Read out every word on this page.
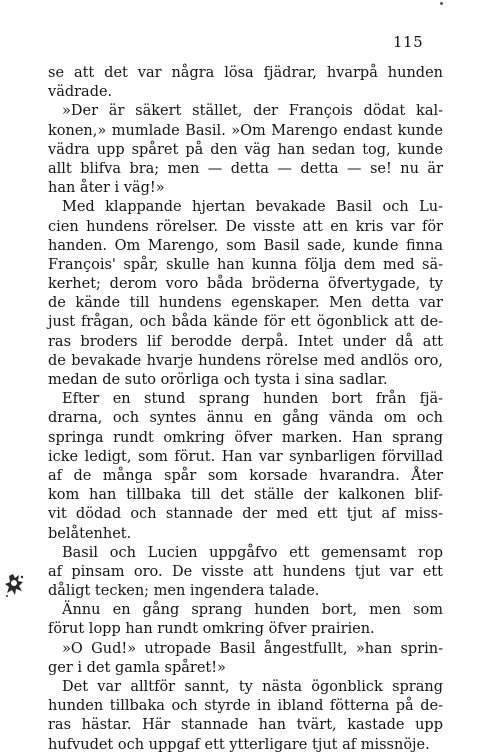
115
se att det var några lösa fjädrar, hvarpå hunden
vädrade.
»Der är säkert stället, der François dödat kal-
konen,» mumlade Basil. »Om Marengo endast kunde
vädra upp spåret på den väg han sedan tog, kunde
allt blifva bra; men — detta — detta — se! nu är
han åter i väg!»
Med klappande hjertan bevakade Basil och Lu-
cien hundens rörelser. De visste att en kris var för
handen. Om Marengo, som Basil sade, kunde finna
François' spår, skulle han kunna följa dem med sä-
kerhet; derom voro båda bröderna öfvertygade, ty
de kände till hundens egenskaper. Men detta var
just frågan, och båda kände för ett ögonblick att de-
ras broders lif berodde derpå. Intet under då att
de bevakade hvarje hundens rörelse med andlös oro,
medan de suto orörliga och tysta i sina sadlar.
Efter en stund sprang hunden bort från fjä-
drarna, och syntes ännu en gång vända om och
springa rundt omkring öfver marken. Han sprang
icke ledigt, som förut. Han var synbarligen förvillad
af de många spår som korsade hvarandra. Åter
kom han tillbaka till det ställe der kalkonen blif-
vit dödad och stannade der med ett tjut af miss-
belåtenhet.
Basil och Lucien uppgåfvo ett gemensamt rop
af pinsam oro. De visste att hundens tjut var ett
dåligt tecken; men ingendera talade.
Ännu en gång sprang hunden bort, men som
förut lopp han rundt omkring öfver prairien.
»O Gud!» utropade Basil ångestfullt, »han sprin-
ger i det gamla spåret!»
Det var alltför sannt, ty nästa ögonblick sprang
hunden tillbaka och styrde in ibland fötterna på de-
ras hästar. Här stannade han tvärt, kastade upp
hufvudet och uppgaf ett ytterligare tjut af missnöje.
